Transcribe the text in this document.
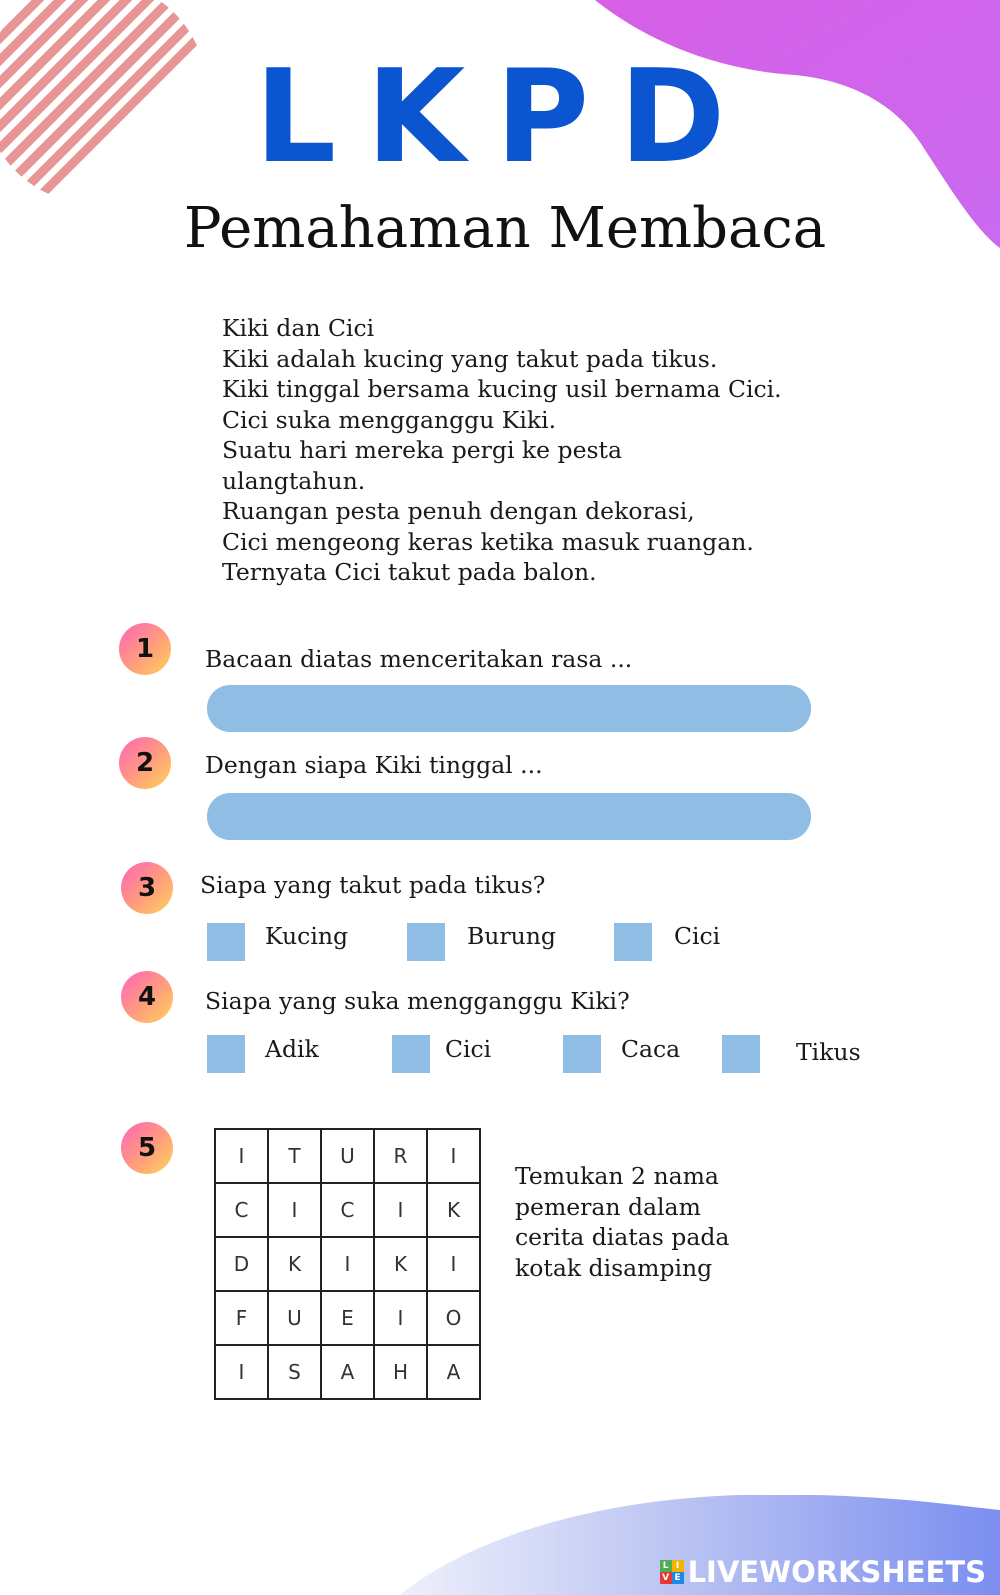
LKPD
Pemahaman Membaca
Kiki dan Cici
Kiki adalah kucing yang takut pada tikus.
Kiki tinggal bersama kucing usil bernama Cici.
Cici suka mengganggu Kiki.
Suatu hari mereka pergi ke pesta
ulangtahun.
Ruangan pesta penuh dengan dekorasi,
Cici mengeong keras ketika masuk ruangan.
Ternyata Cici takut pada balon.
1	Bacaan diatas menceritakan rasa ...
2	Dengan siapa Kiki tinggal ...
3	Siapa yang takut pada tikus?
Kucing	Burung	Cici
4	Siapa yang suka mengganggu Kiki?
Adik	Cici	Caca	Tikus
5	I	T	U	R	I
C	I	C	I	K
D	K	I	K	I
F	U	E	I	O
I	S	A	H	A
Temukan 2 nama
pemeran dalam
cerita diatas pada
kotak disamping
L I
V E LIVEWORKSHEETS
